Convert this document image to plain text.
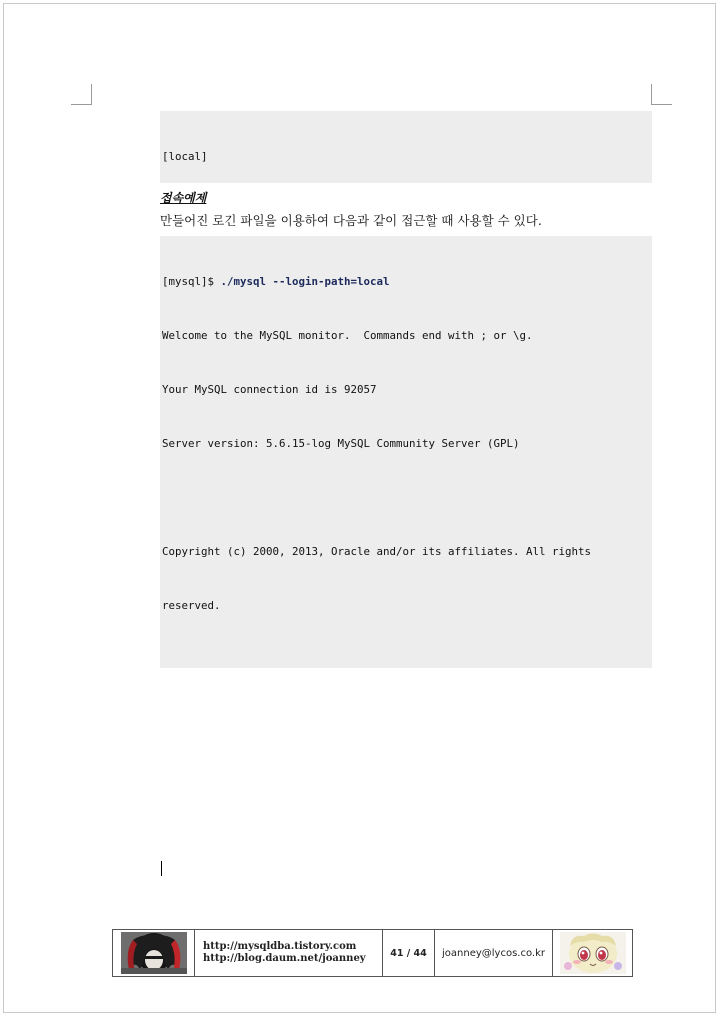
[local]

접속예제
만들어진 로긴 파일을 이용하여 다음과 같이 접근할 때 사용할 수 있다.

[mysql]$ ./mysql --login-path=local

Welcome to the MySQL monitor.  Commands end with ; or \g.

Your MySQL connection id is 92057

Server version: 5.6.15-log MySQL Community Server (GPL)

Copyright (c) 2000, 2013, Oracle and/or its affiliates. All rights

reserved.

http://mysqldba.tistory.com
http://blog.daum.net/joanney	41 / 44	joanney@lycos.co.kr
